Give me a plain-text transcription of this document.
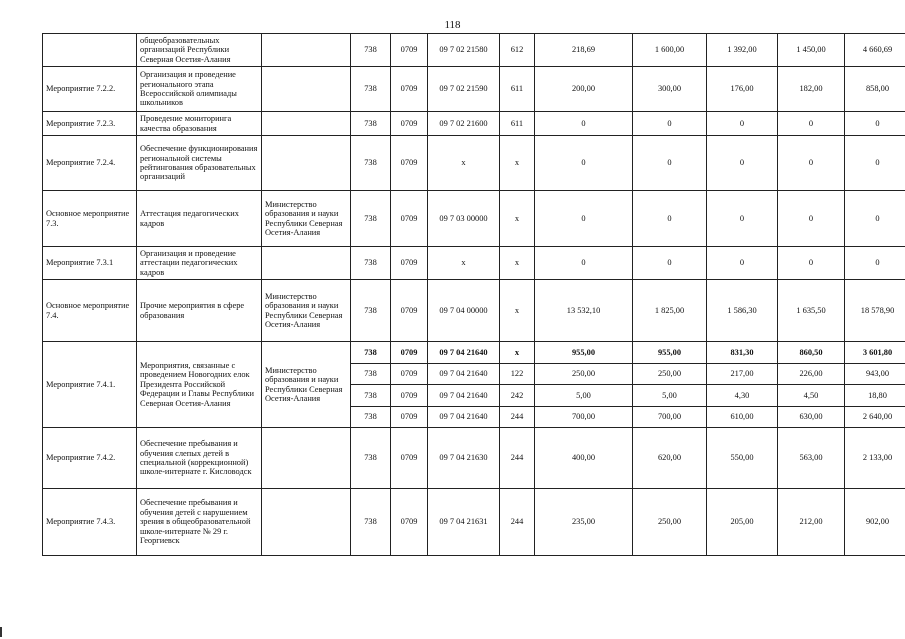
118
	общеобразовательных организаций Республики Северная Осетия-Алания		738	0709	09 7 02 21580	612	218,69	1 600,00	1 392,00	1 450,00	4 660,69
Мероприятие 7.2.2.	Организация и проведение регионального этапа Всероссийской олимпиады школьников		738	0709	09 7 02 21590	611	200,00	300,00	176,00	182,00	858,00
Мероприятие 7.2.3.	Проведение мониторинга качества образования		738	0709	09 7 02 21600	611	0	0	0	0	0
Мероприятие 7.2.4.	Обеспечение функционирования региональной системы рейтингования образовательных организаций		738	0709	x	x	0	0	0	0	0
Основное мероприятие 7.3.	Аттестация педагогических кадров	Министерство образования и науки Республики Северная Осетия-Алания	738	0709	09 7 03 00000	x	0	0	0	0	0
Мероприятие 7.3.1	Организация и проведение аттестации педагогических кадров		738	0709	x	x	0	0	0	0	0
Основное мероприятие 7.4.	Прочие мероприятия в сфере образования	Министерство образования и науки Республики Северная Осетия-Алания	738	0709	09 7 04 00000	x	13 532,10	1 825,00	1 586,30	1 635,50	18 578,90
Мероприятие 7.4.1.	Мероприятия, связанные с проведением Новогодних елок Президента Российской Федерации и Главы Республики Северная Осетия-Алания	Министерство образования и науки Республики Северная Осетия-Алания	738	0709	09 7 04 21640	x	955,00	955,00	831,30	860,50	3 601,80
			738	0709	09 7 04 21640	122	250,00	250,00	217,00	226,00	943,00
			738	0709	09 7 04 21640	242	5,00	5,00	4,30	4,50	18,80
			738	0709	09 7 04 21640	244	700,00	700,00	610,00	630,00	2 640,00
Мероприятие 7.4.2.	Обеспечение пребывания и обучения слепых детей в специальной (коррекционной) школе-интернате г. Кисловодск		738	0709	09 7 04 21630	244	400,00	620,00	550,00	563,00	2 133,00
Мероприятие 7.4.3.	Обеспечение пребывания и обучения детей с нарушением зрения в общеобразовательной школе-интернате № 29 г. Георгиевск		738	0709	09 7 04 21631	244	235,00	250,00	205,00	212,00	902,00
